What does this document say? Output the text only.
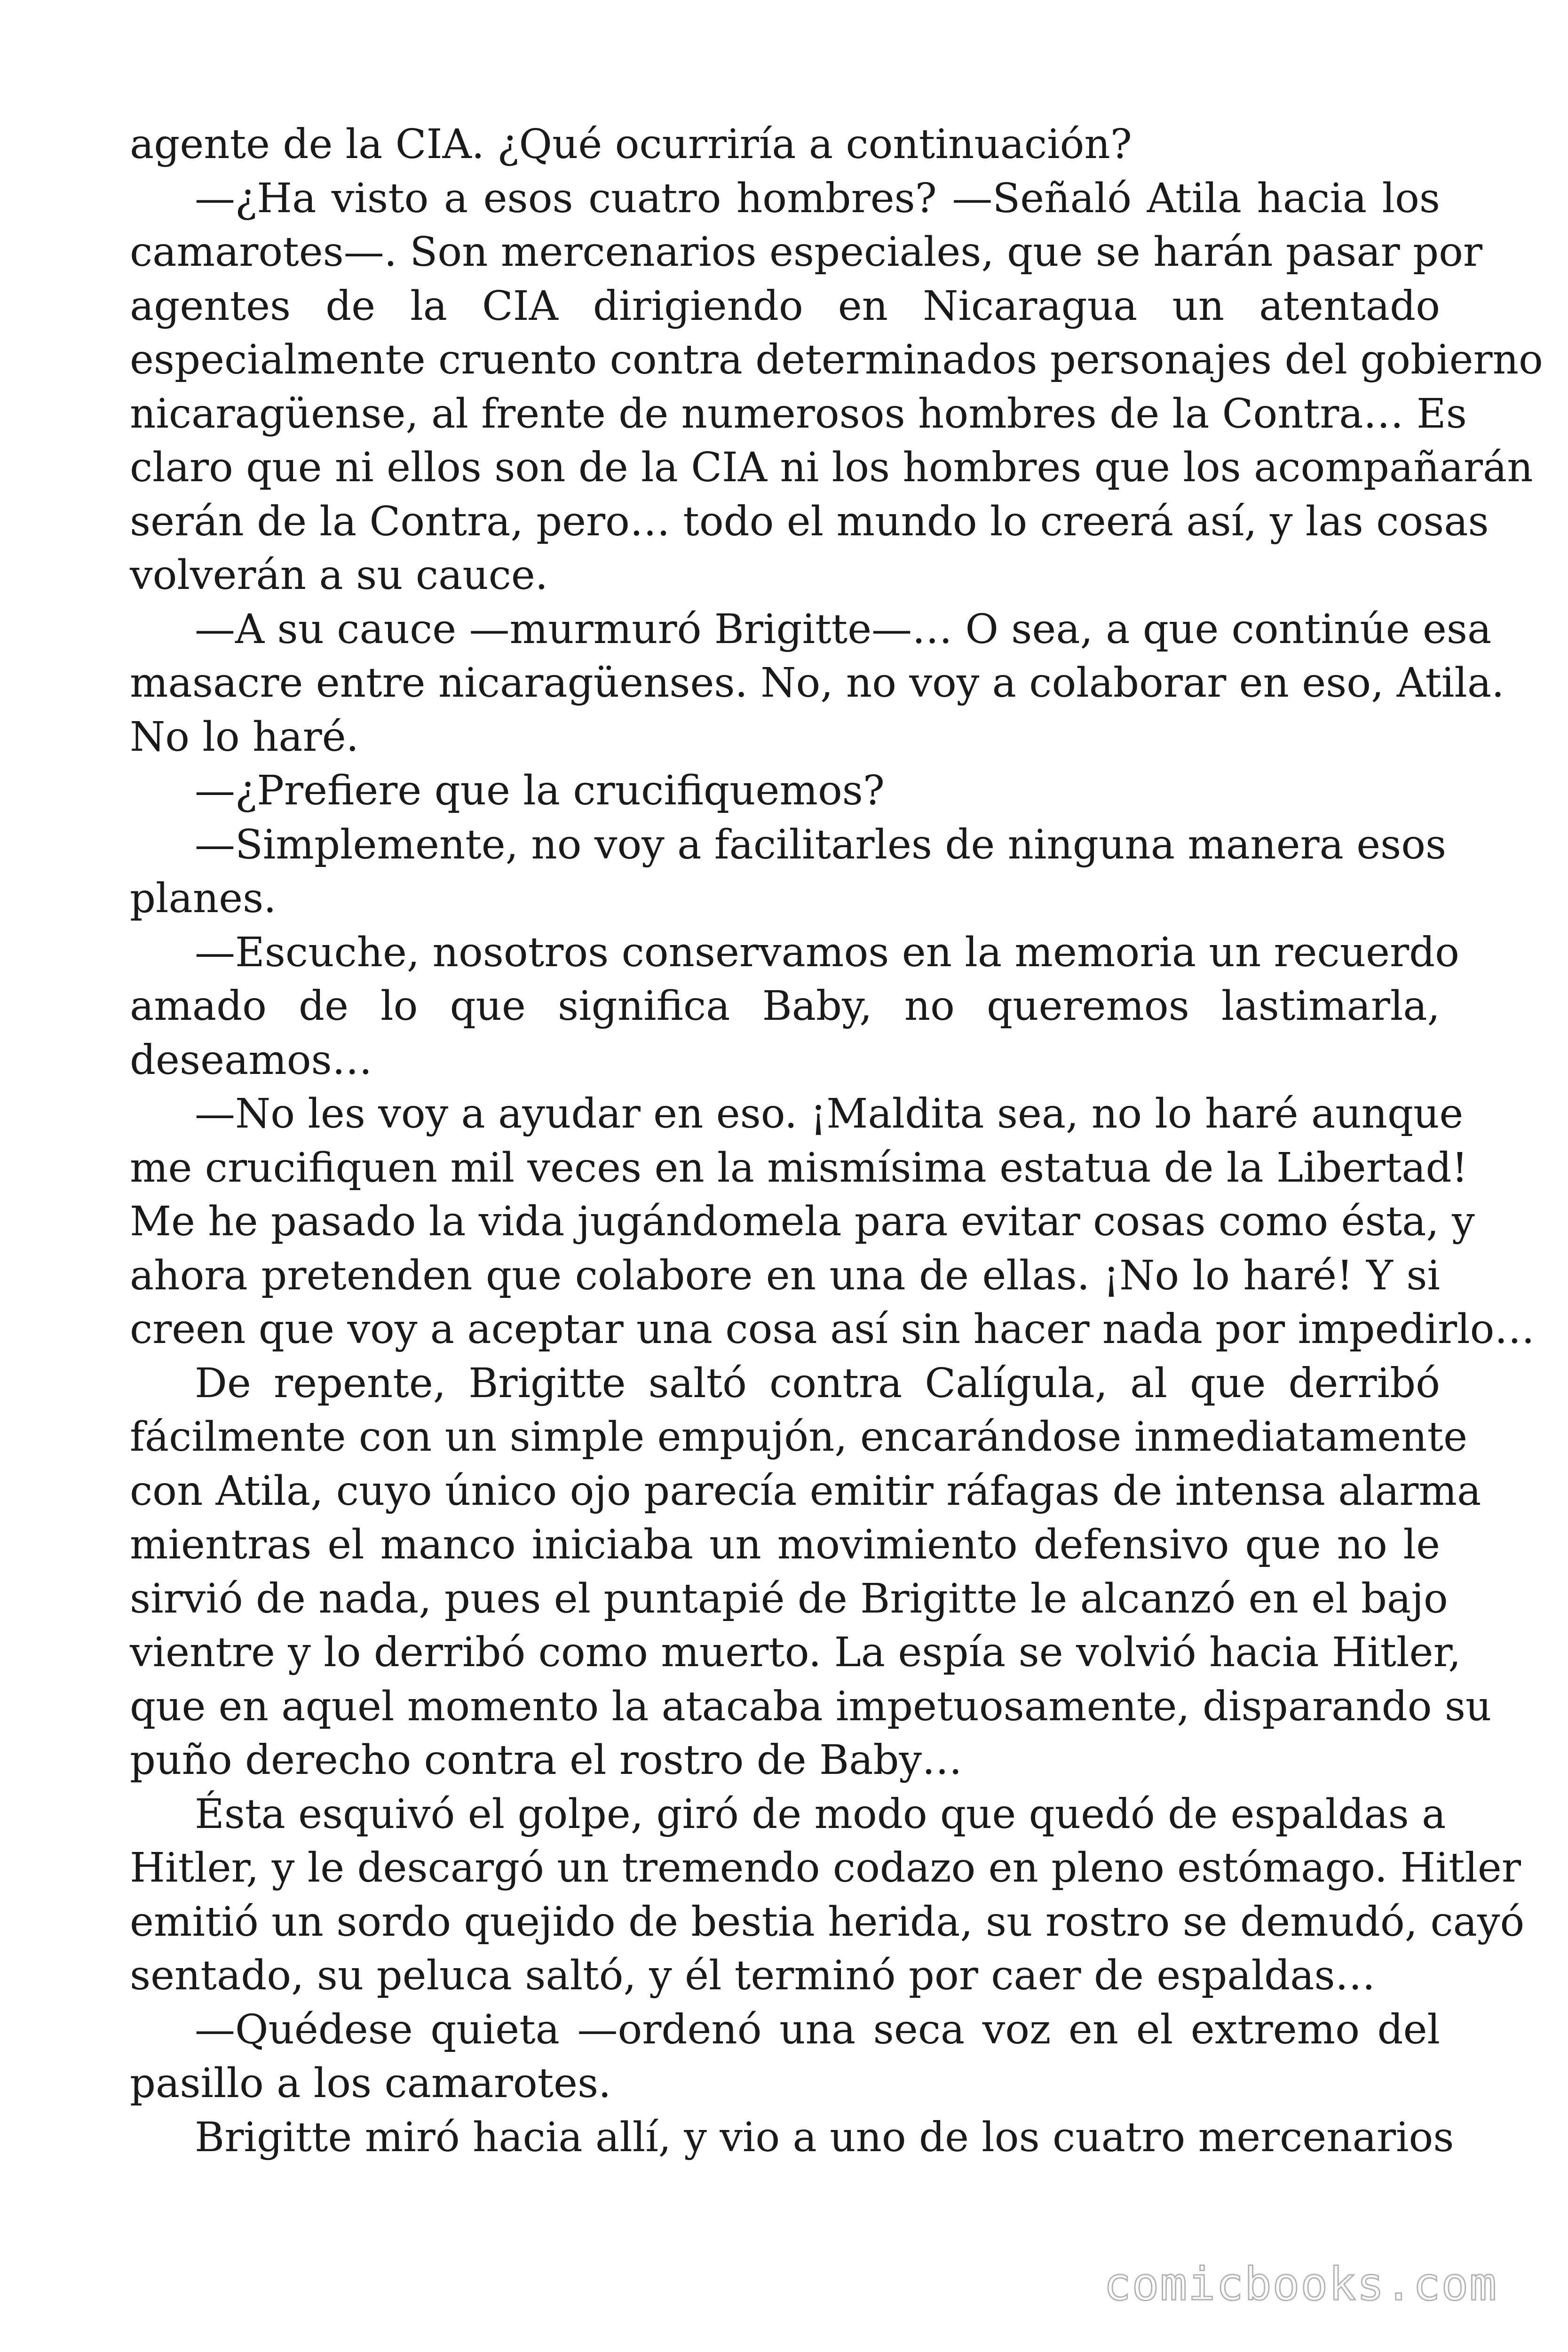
agente de la CIA. ¿Qué ocurriría a continuación?
—¿Ha visto a esos cuatro hombres? —Señaló Atila hacia los
camarotes—. Son mercenarios especiales, que se harán pasar por
agentes de la CIA dirigiendo en Nicaragua un atentado
especialmente cruento contra determinados personajes del gobierno
nicaragüense, al frente de numerosos hombres de la Contra… Es
claro que ni ellos son de la CIA ni los hombres que los acompañarán
serán de la Contra, pero… todo el mundo lo creerá así, y las cosas
volverán a su cauce.
—A su cauce —murmuró Brigitte—… O sea, a que continúe esa
masacre entre nicaragüenses. No, no voy a colaborar en eso, Atila.
No lo haré.
—¿Prefiere que la crucifiquemos?
—Simplemente, no voy a facilitarles de ninguna manera esos
planes.
—Escuche, nosotros conservamos en la memoria un recuerdo
amado de lo que significa Baby, no queremos lastimarla,
deseamos…
—No les voy a ayudar en eso. ¡Maldita sea, no lo haré aunque
me crucifiquen mil veces en la mismísima estatua de la Libertad!
Me he pasado la vida jugándomela para evitar cosas como ésta, y
ahora pretenden que colabore en una de ellas. ¡No lo haré! Y si
creen que voy a aceptar una cosa así sin hacer nada por impedirlo…
De repente, Brigitte saltó contra Calígula, al que derribó
fácilmente con un simple empujón, encarándose inmediatamente
con Atila, cuyo único ojo parecía emitir ráfagas de intensa alarma
mientras el manco iniciaba un movimiento defensivo que no le
sirvió de nada, pues el puntapié de Brigitte le alcanzó en el bajo
vientre y lo derribó como muerto. La espía se volvió hacia Hitler,
que en aquel momento la atacaba impetuosamente, disparando su
puño derecho contra el rostro de Baby…
Ésta esquivó el golpe, giró de modo que quedó de espaldas a
Hitler, y le descargó un tremendo codazo en pleno estómago. Hitler
emitió un sordo quejido de bestia herida, su rostro se demudó, cayó
sentado, su peluca saltó, y él terminó por caer de espaldas…
—Quédese quieta —ordenó una seca voz en el extremo del
pasillo a los camarotes.
Brigitte miró hacia allí, y vio a uno de los cuatro mercenarios
comicbooks.com
